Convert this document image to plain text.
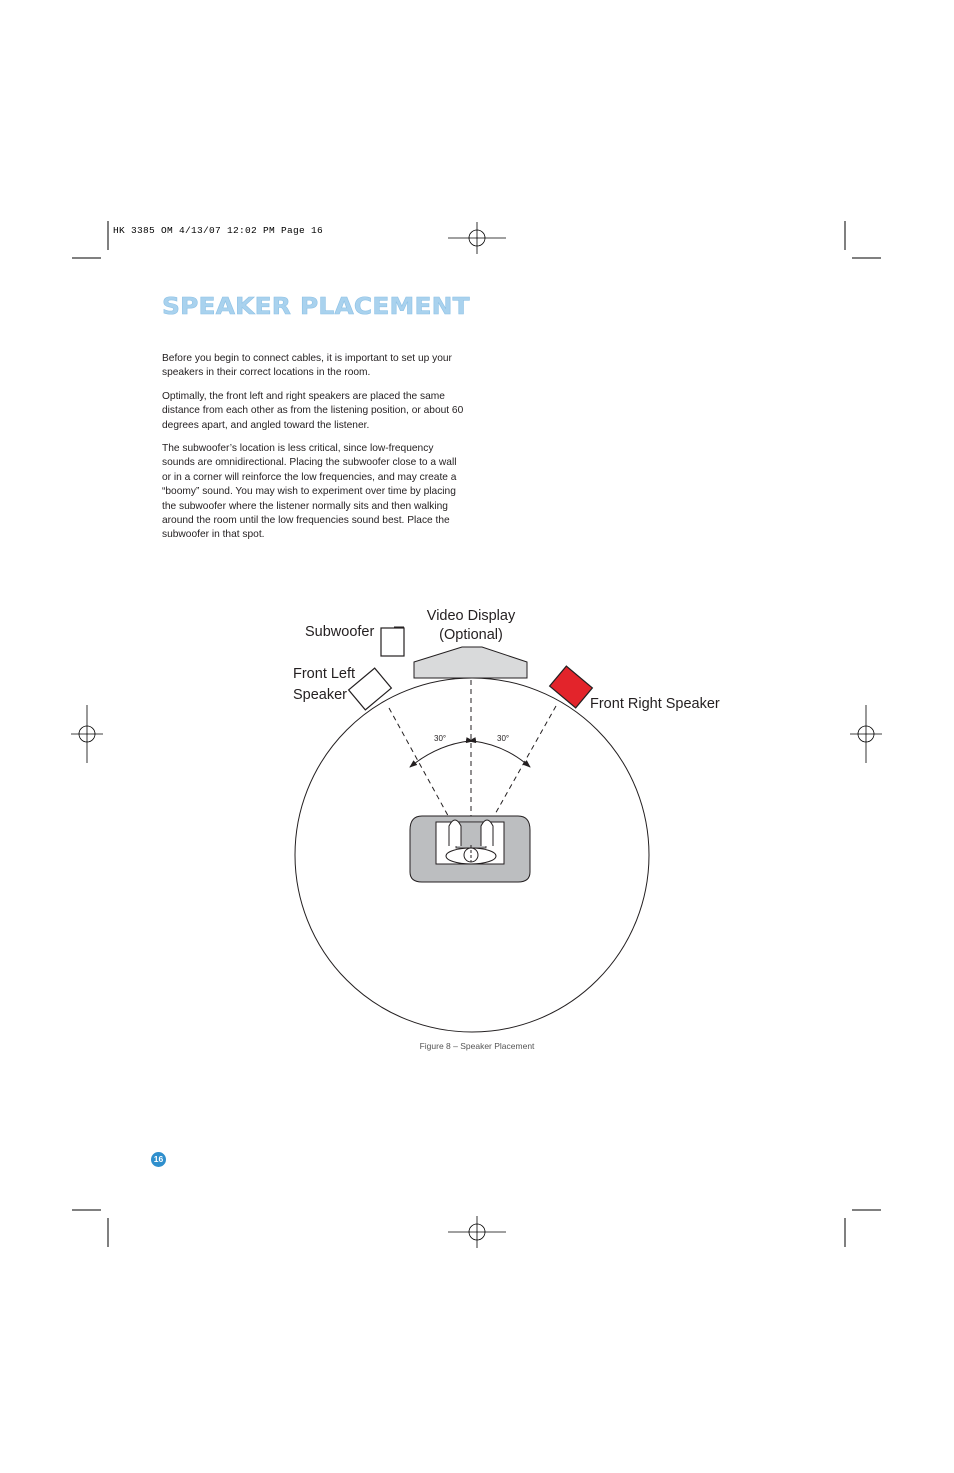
HK 3385 OM 4/13/07 12:02 PM Page 16
SPEAKER PLACEMENT

Before you begin to connect cables, it is important to set up your speakers in their correct locations in the room.

Optimally, the front left and right speakers are placed the same distance from each other as from the listening position, or about 60 degrees apart, and angled toward the listener.

The subwoofer’s location is less critical, since low-frequency sounds are omnidirectional. Placing the subwoofer close to a wall or in a corner will reinforce the low frequencies, and may create a “boomy” sound. You may wish to experiment over time by placing the subwoofer where the listener normally sits and then walking around the room until the low frequencies sound best. Place the subwoofer in that spot.

30°	30°
Subwoofer
Video Display
(Optional)
Front Left
Speaker
Front Right Speaker
Figure 8 – Speaker Placement
16
